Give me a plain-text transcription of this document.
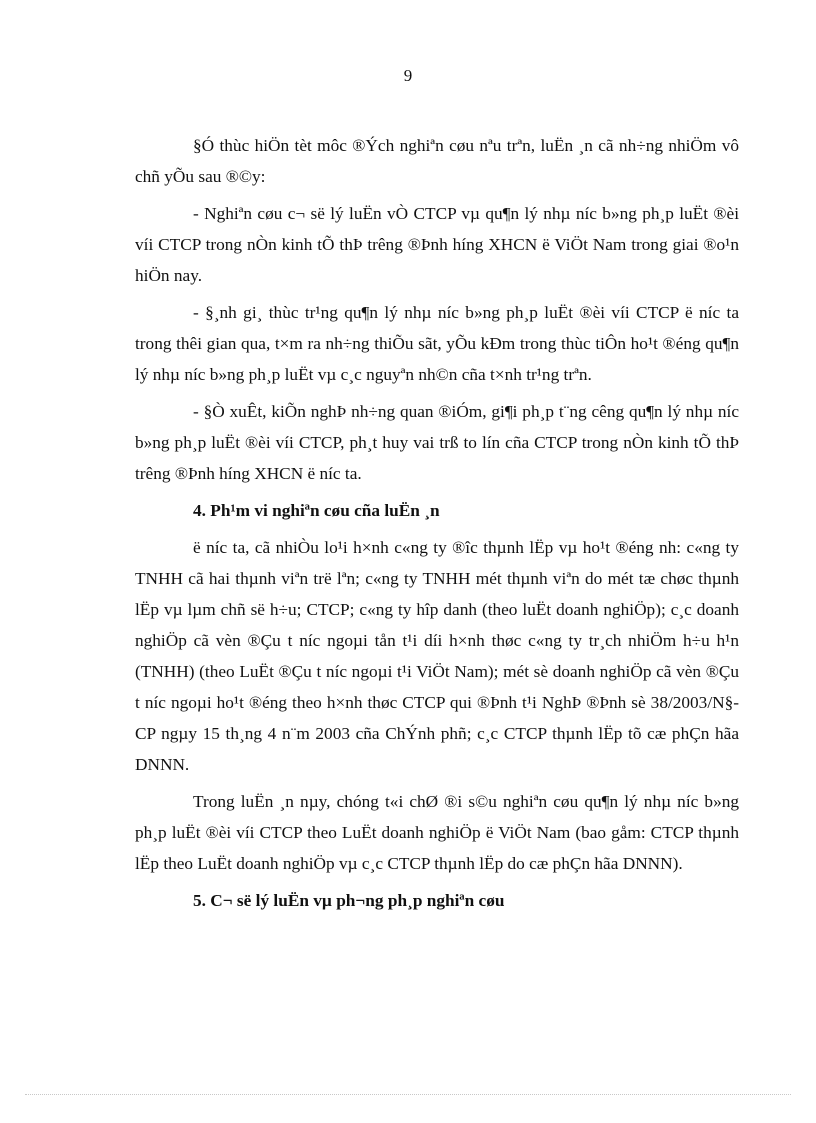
9

§Ó thùc hiÖn tèt môc ®Ých nghiªn cøu nªu trªn, luËn ¸n cã nh÷ng nhiÖm vô chñ yÕu sau ®©y:

- Nghiªn cøu c¬ së lý luËn vÒ CTCP vµ qu¶n lý nhµ níc b»ng ph¸p luËt ®èi víi CTCP trong nÒn kinh tÕ thÞ trêng ®Þnh híng XHCN ë ViÖt Nam trong giai ®o¹n hiÖn nay.

- §¸nh gi¸ thùc tr¹ng qu¶n lý nhµ níc b»ng ph¸p luËt ®èi víi CTCP ë níc ta trong thêi gian qua, t×m ra nh÷ng thiÕu sãt, yÕu kÐm trong thùc tiÔn ho¹t ®éng qu¶n lý nhµ níc b»ng ph¸p luËt vµ c¸c nguyªn nh©n cña t×nh tr¹ng trªn.

- §Ò xuÊt, kiÕn nghÞ nh÷ng quan ®iÓm, gi¶i ph¸p t¨ng cêng qu¶n lý nhµ níc b»ng ph¸p luËt ®èi víi CTCP, ph¸t huy vai trß to lín cña CTCP trong nÒn kinh tÕ thÞ trêng ®Þnh híng XHCN ë níc ta.

4. Ph¹m vi nghiªn cøu cña luËn ¸n

ë níc ta, cã nhiÒu lo¹i h×nh c«ng ty ®îc thµnh lËp vµ ho¹t ®éng nh: c«ng ty TNHH cã hai thµnh viªn trë lªn; c«ng ty TNHH mét thµnh viªn do mét tæ chøc thµnh lËp vµ lµm chñ së h÷u; CTCP; c«ng ty hîp danh (theo luËt doanh nghiÖp); c¸c doanh nghiÖp cã vèn ®Çu t níc ngoµi tån t¹i díi h×nh thøc c«ng ty tr¸ch nhiÖm h÷u h¹n (TNHH) (theo LuËt ®Çu t níc ngoµi t¹i ViÖt Nam); mét sè doanh nghiÖp cã vèn ®Çu t níc ngoµi ho¹t ®éng theo h×nh thøc CTCP qui ®Þnh t¹i NghÞ ®Þnh sè 38/2003/N§-CP ngµy 15 th¸ng 4 n¨m 2003 cña ChÝnh phñ; c¸c CTCP thµnh lËp tõ cæ phÇn hãa DNNN.

Trong luËn ¸n nµy, chóng t«i chØ ®i s©u nghiªn cøu qu¶n lý nhµ níc b»ng ph¸p luËt ®èi víi CTCP theo LuËt doanh nghiÖp ë ViÖt Nam (bao gåm: CTCP thµnh lËp theo LuËt doanh nghiÖp vµ c¸c CTCP thµnh lËp do cæ phÇn hãa DNNN).

5. C¬ së lý luËn vµ ph¬ng ph¸p nghiªn cøu
